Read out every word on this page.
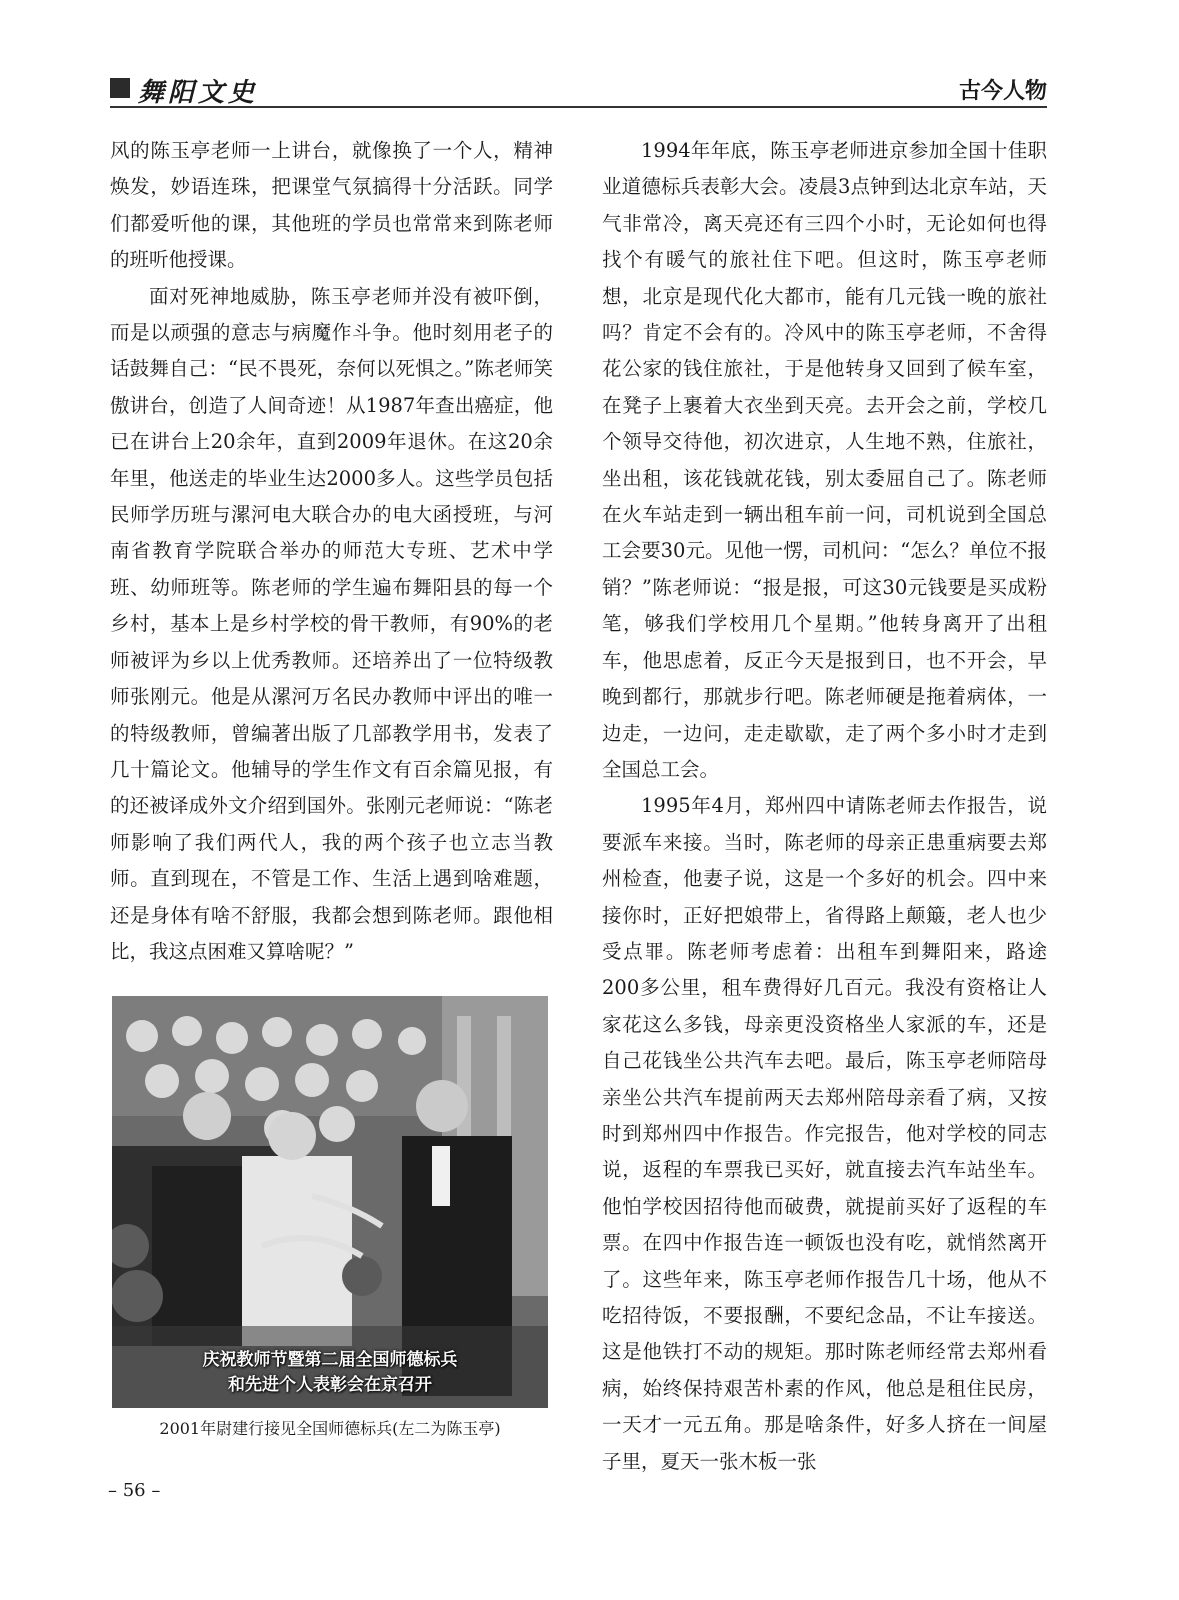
舞阳文史	古今人物

风的陈玉亭老师一上讲台，就像换了一个人，精神焕发，妙语连珠，把课堂气氛搞得十分活跃。同学们都爱听他的课，其他班的学员也常常来到陈老师的班听他授课。

面对死神地威胁，陈玉亭老师并没有被吓倒，而是以顽强的意志与病魔作斗争。他时刻用老子的话鼓舞自己：“民不畏死，奈何以死惧之。”陈老师笑傲讲台，创造了人间奇迹！从1987年查出癌症，他已在讲台上20余年，直到2009年退休。在这20余年里，他送走的毕业生达2000多人。这些学员包括民师学历班与漯河电大联合办的电大函授班，与河南省教育学院联合举办的师范大专班、艺术中学班、幼师班等。陈老师的学生遍布舞阳县的每一个乡村，基本上是乡村学校的骨干教师，有90%的老师被评为乡以上优秀教师。还培养出了一位特级教师张刚元。他是从漯河万名民办教师中评出的唯一的特级教师，曾编著出版了几部教学用书，发表了几十篇论文。他辅导的学生作文有百余篇见报，有的还被译成外文介绍到国外。张刚元老师说：“陈老师影响了我们两代人，我的两个孩子也立志当教师。直到现在，不管是工作、生活上遇到啥难题，还是身体有啥不舒服，我都会想到陈老师。跟他相比，我这点困难又算啥呢？”

庆祝教师节暨第二届全国师德标兵
和先进个人表彰会在京召开
2001年尉建行接见全国师德标兵(左二为陈玉亭)

1994年年底，陈玉亭老师进京参加全国十佳职业道德标兵表彰大会。凌晨3点钟到达北京车站，天气非常冷，离天亮还有三四个小时，无论如何也得找个有暖气的旅社住下吧。但这时，陈玉亭老师想，北京是现代化大都市，能有几元钱一晚的旅社吗？肯定不会有的。冷风中的陈玉亭老师，不舍得花公家的钱住旅社，于是他转身又回到了候车室，在凳子上裹着大衣坐到天亮。去开会之前，学校几个领导交待他，初次进京，人生地不熟，住旅社，坐出租，该花钱就花钱，别太委屈自己了。陈老师在火车站走到一辆出租车前一问，司机说到全国总工会要30元。见他一愣，司机问：“怎么？单位不报销？”陈老师说：“报是报，可这30元钱要是买成粉笔，够我们学校用几个星期。”他转身离开了出租车，他思虑着，反正今天是报到日，也不开会，早晚到都行，那就步行吧。陈老师硬是拖着病体，一边走，一边问，走走歇歇，走了两个多小时才走到全国总工会。

1995年4月，郑州四中请陈老师去作报告，说要派车来接。当时，陈老师的母亲正患重病要去郑州检查，他妻子说，这是一个多好的机会。四中来接你时，正好把娘带上，省得路上颠簸，老人也少受点罪。陈老师考虑着：出租车到舞阳来，路途200多公里，租车费得好几百元。我没有资格让人家花这么多钱，母亲更没资格坐人家派的车，还是自己花钱坐公共汽车去吧。最后，陈玉亭老师陪母亲坐公共汽车提前两天去郑州陪母亲看了病，又按时到郑州四中作报告。作完报告，他对学校的同志说，返程的车票我已买好，就直接去汽车站坐车。他怕学校因招待他而破费，就提前买好了返程的车票。在四中作报告连一顿饭也没有吃，就悄然离开了。这些年来，陈玉亭老师作报告几十场，他从不吃招待饭，不要报酬，不要纪念品，不让车接送。这是他铁打不动的规矩。那时陈老师经常去郑州看病，始终保持艰苦朴素的作风，他总是租住民房，一天才一元五角。那是啥条件，好多人挤在一间屋子里，夏天一张木板一张

– 56 –
